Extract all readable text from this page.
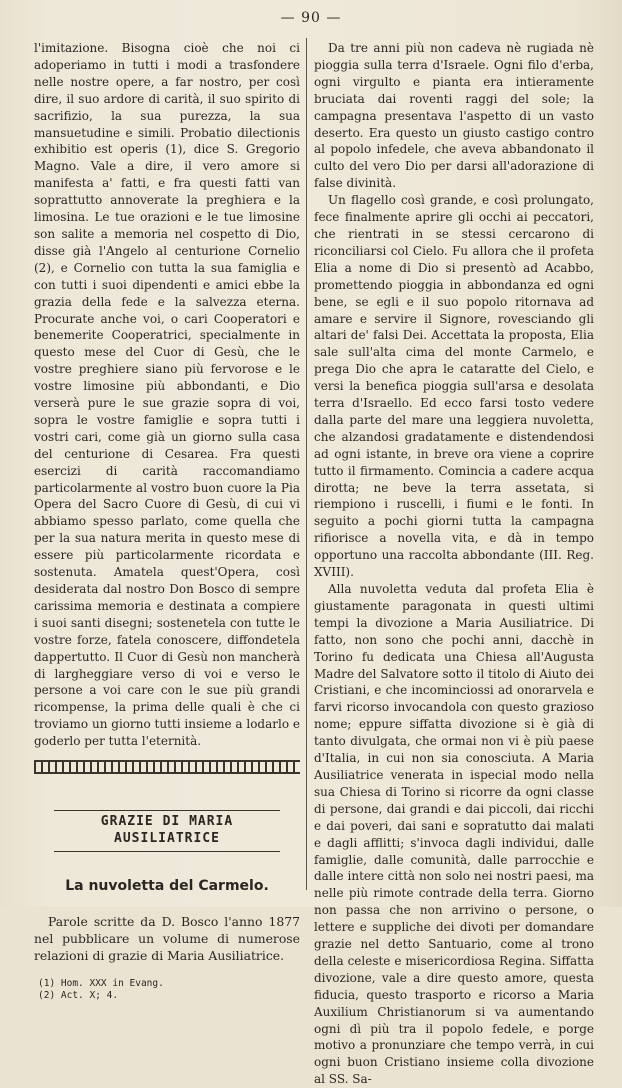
— 90 —

l'imitazione. Bisogna cioè che noi ci adoperiamo in tutti i modi a trasfondere nelle nostre opere, a far nostro, per così dire, il suo ardore di carità, il suo spirito di sacrifizio, la sua purezza, la sua mansuetudine e simili. Probatio dilectionis exhibitio est operis (1), dice S. Gregorio Magno. Vale a dire, il vero amore si manifesta a' fatti, e fra questi fatti van soprattutto annoverate la preghiera e la limosina. Le tue orazioni e le tue limosine son salite a memoria nel cospetto di Dio, disse già l'Angelo al centurione Cornelio (2), e Cornelio con tutta la sua famiglia e con tutti i suoi dipendenti e amici ebbe la grazia della fede e la salvezza eterna. Procurate anche voi, o cari Cooperatori e benemerite Cooperatrici, specialmente in questo mese del Cuor di Gesù, che le vostre preghiere siano più fervorose e le vostre limosine più abbondanti, e Dio verserà pure le sue grazie sopra di voi, sopra le vostre famiglie e sopra tutti i vostri cari, come già un giorno sulla casa del centurione di Cesarea. Fra questi esercizi di carità raccomandiamo particolarmente al vostro buon cuore la Pia Opera del Sacro Cuore di Gesù, di cui vi abbiamo spesso parlato, come quella che per la sua natura merita in questo mese di essere più particolarmente ricordata e sostenuta. Amatela quest'Opera, così desiderata dal nostro Don Bosco di sempre carissima memoria e destinata a compiere i suoi santi disegni; sostenetela con tutte le vostre forze, fatela conoscere, diffondetela dappertutto. Il Cuor di Gesù non mancherà di largheggiare verso di voi e verso le persone a voi care con le sue più grandi ricompense, la prima delle quali è che ci troviamo un giorno tutti insieme a lodarlo e goderlo per tutta l'eternità.

GRAZIE DI MARIA AUSILIATRICE
La nuvoletta del Carmelo.

Parole scritte da D. Bosco l'anno 1877 nel pubblicare un volume di numerose relazioni di grazie di Maria Ausiliatrice.

(1) Hom. XXX in Evang.
(2) Act. X; 4.

Da tre anni più non cadeva nè rugiada nè pioggia sulla terra d'Israele. Ogni filo d'erba, ogni virgulto e pianta era intieramente bruciata dai roventi raggi del sole; la campagna presentava l'aspetto di un vasto deserto. Era questo un giusto castigo contro al popolo infedele, che aveva abbandonato il culto del vero Dio per darsi all'adorazione di false divinità.

Un flagello così grande, e così prolungato, fece finalmente aprire gli occhi ai peccatori, che rientrati in se stessi cercarono di riconciliarsi col Cielo. Fu allora che il profeta Elia a nome di Dio si presentò ad Acabbo, promettendo pioggia in abbondanza ed ogni bene, se egli e il suo popolo ritornava ad amare e servire il Signore, rovesciando gli altari de' falsi Dei. Accettata la proposta, Elia sale sull'alta cima del monte Carmelo, e prega Dio che apra le cataratte del Cielo, e versi la benefica pioggia sull'arsa e desolata terra d'Israello. Ed ecco farsi tosto vedere dalla parte del mare una leggiera nuvoletta, che alzandosi gradatamente e distendendosi ad ogni istante, in breve ora viene a coprire tutto il firmamento. Comincia a cadere acqua dirotta; ne beve la terra assetata, si riempiono i ruscelli, i fiumi e le fonti. In seguito a pochi giorni tutta la campagna rifiorisce a novella vita, e dà in tempo opportuno una raccolta abbondante (III. Reg. XVIII).

Alla nuvoletta veduta dal profeta Elia è giustamente paragonata in questi ultimi tempi la divozione a Maria Ausiliatrice. Di fatto, non sono che pochi anni, dacchè in Torino fu dedicata una Chiesa all'Augusta Madre del Salvatore sotto il titolo di Aiuto dei Cristiani, e che incominciossi ad onorarvela e farvi ricorso invocandola con questo grazioso nome; eppure siffatta divozione si è già di tanto divulgata, che ormai non vi è più paese d'Italia, in cui non sia conosciuta. A Maria Ausiliatrice venerata in ispecial modo nella sua Chiesa di Torino si ricorre da ogni classe di persone, dai grandi e dai piccoli, dai ricchi e dai poveri, dai sani e sopratutto dai malati e dagli afflitti; s'invoca dagli individui, dalle famiglie, dalle comunità, dalle parrocchie e dalle intere città non solo nei nostri paesi, ma nelle più rimote contrade della terra. Giorno non passa che non arrivino o persone, o lettere e suppliche dei divoti per domandare grazie nel detto Santuario, come al trono della celeste e misericordiosa Regina. Siffatta divozione, vale a dire questo amore, questa fiducia, questo trasporto e ricorso a Maria Auxilium Christianorum si va aumentando ogni dì più tra il popolo fedele, e porge motivo a pronunziare che tempo verrà, in cui ogni buon Cristiano insieme colla divozione al SS. Sa-
